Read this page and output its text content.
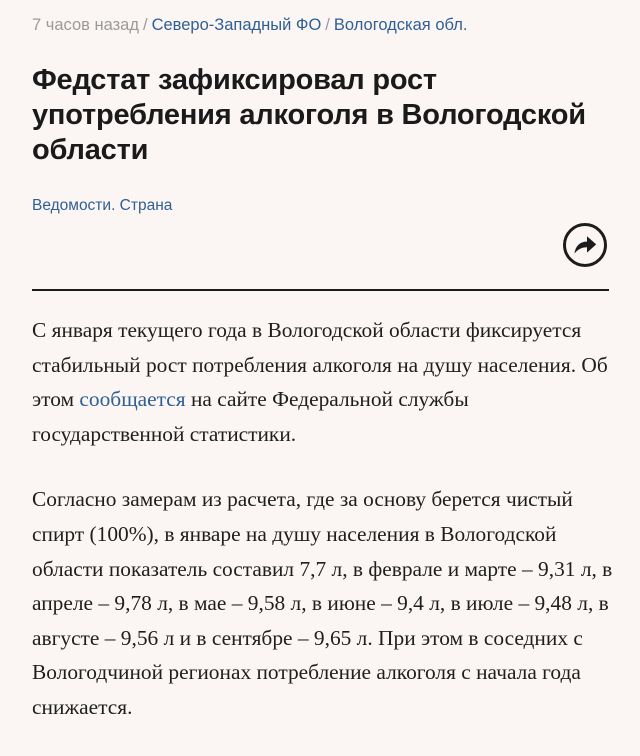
7 часов назад / Северо-Западный ФО / Вологодская обл.
Федстат зафиксировал рост употребления алкоголя в Вологодской области
Ведомости. Страна

С января текущего года в Вологодской области фиксируется стабильный рост потребления алкоголя на душу населения. Об этом сообщается на сайте Федеральной службы государственной статистики.

Согласно замерам из расчета, где за основу берется чистый спирт (100%), в январе на душу населения в Вологодской области показатель составил 7,7 л, в феврале и марте – 9,31 л, в апреле – 9,78 л, в мае – 9,58 л, в июне – 9,4 л, в июле – 9,48 л, в августе – 9,56 л и в сентябре – 9,65 л. При этом в соседних с Вологодчиной регионах потребление алкоголя с начала года снижается.
